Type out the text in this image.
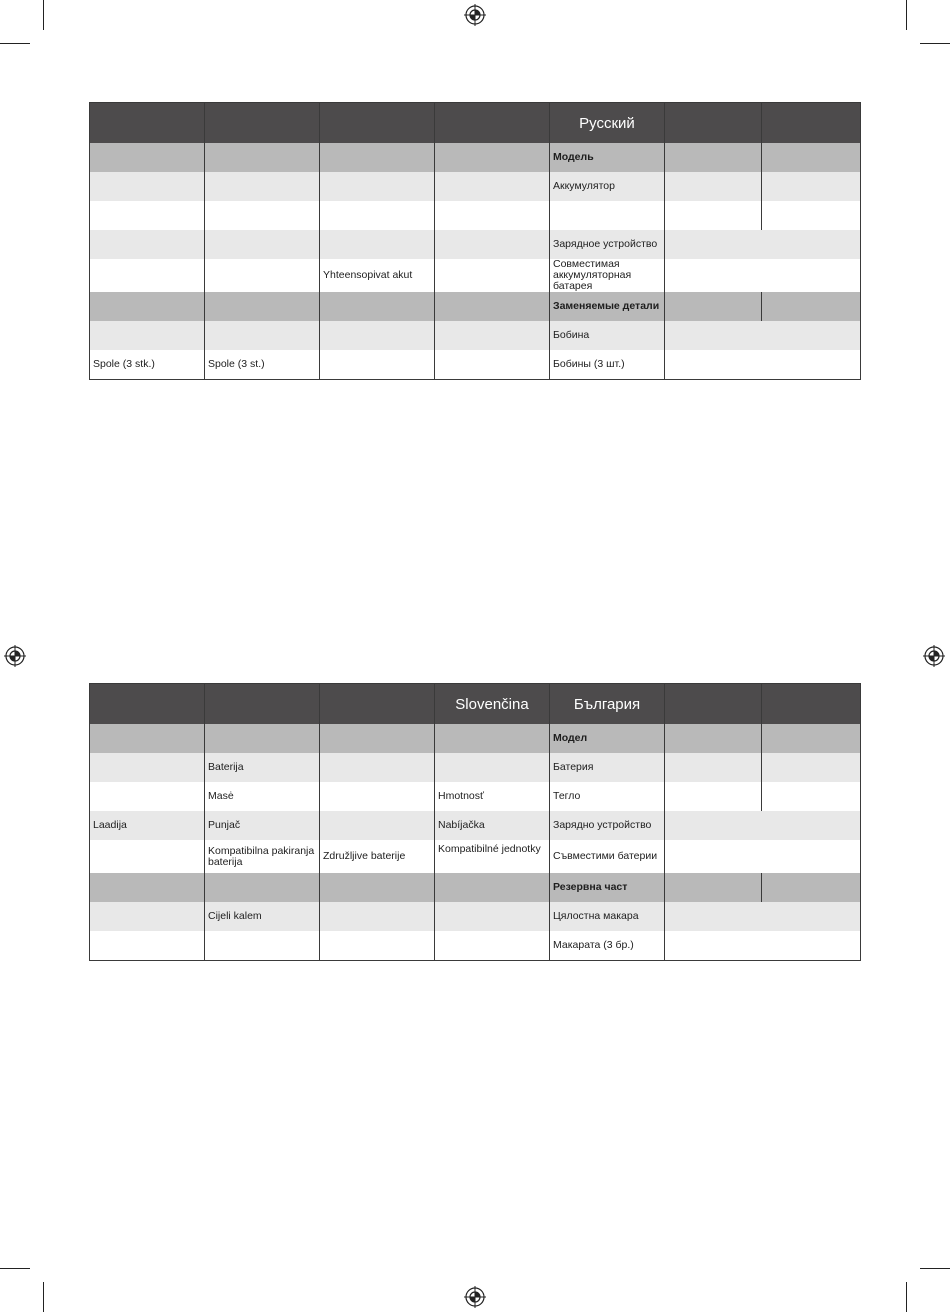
				Русский		
				Модель		
				Аккумулятор		

				Зарядное устройство		
		Yhteensopivat akut		Совместимая аккумуляторная батарея		
				Заменяемые детали		
				Бобина		
Spole (3 stk.)	Spole (3 st.)			Бобины (3 шт.)		
			Slovenčina	България		
				Модел		
	Baterija			Батерия		
	Masė		Hmotnosť	Тегло		
Laadija	Punjač		Nabíjačka	Зарядно устройство		
	Kompatibilna pakiranja baterija	Združljive baterije	Kompatibilné jednotky	Съвместими батерии		
				Резервна част		
	Cijeli kalem			Цялостна макара		
				Макарата (3 бр.)		
